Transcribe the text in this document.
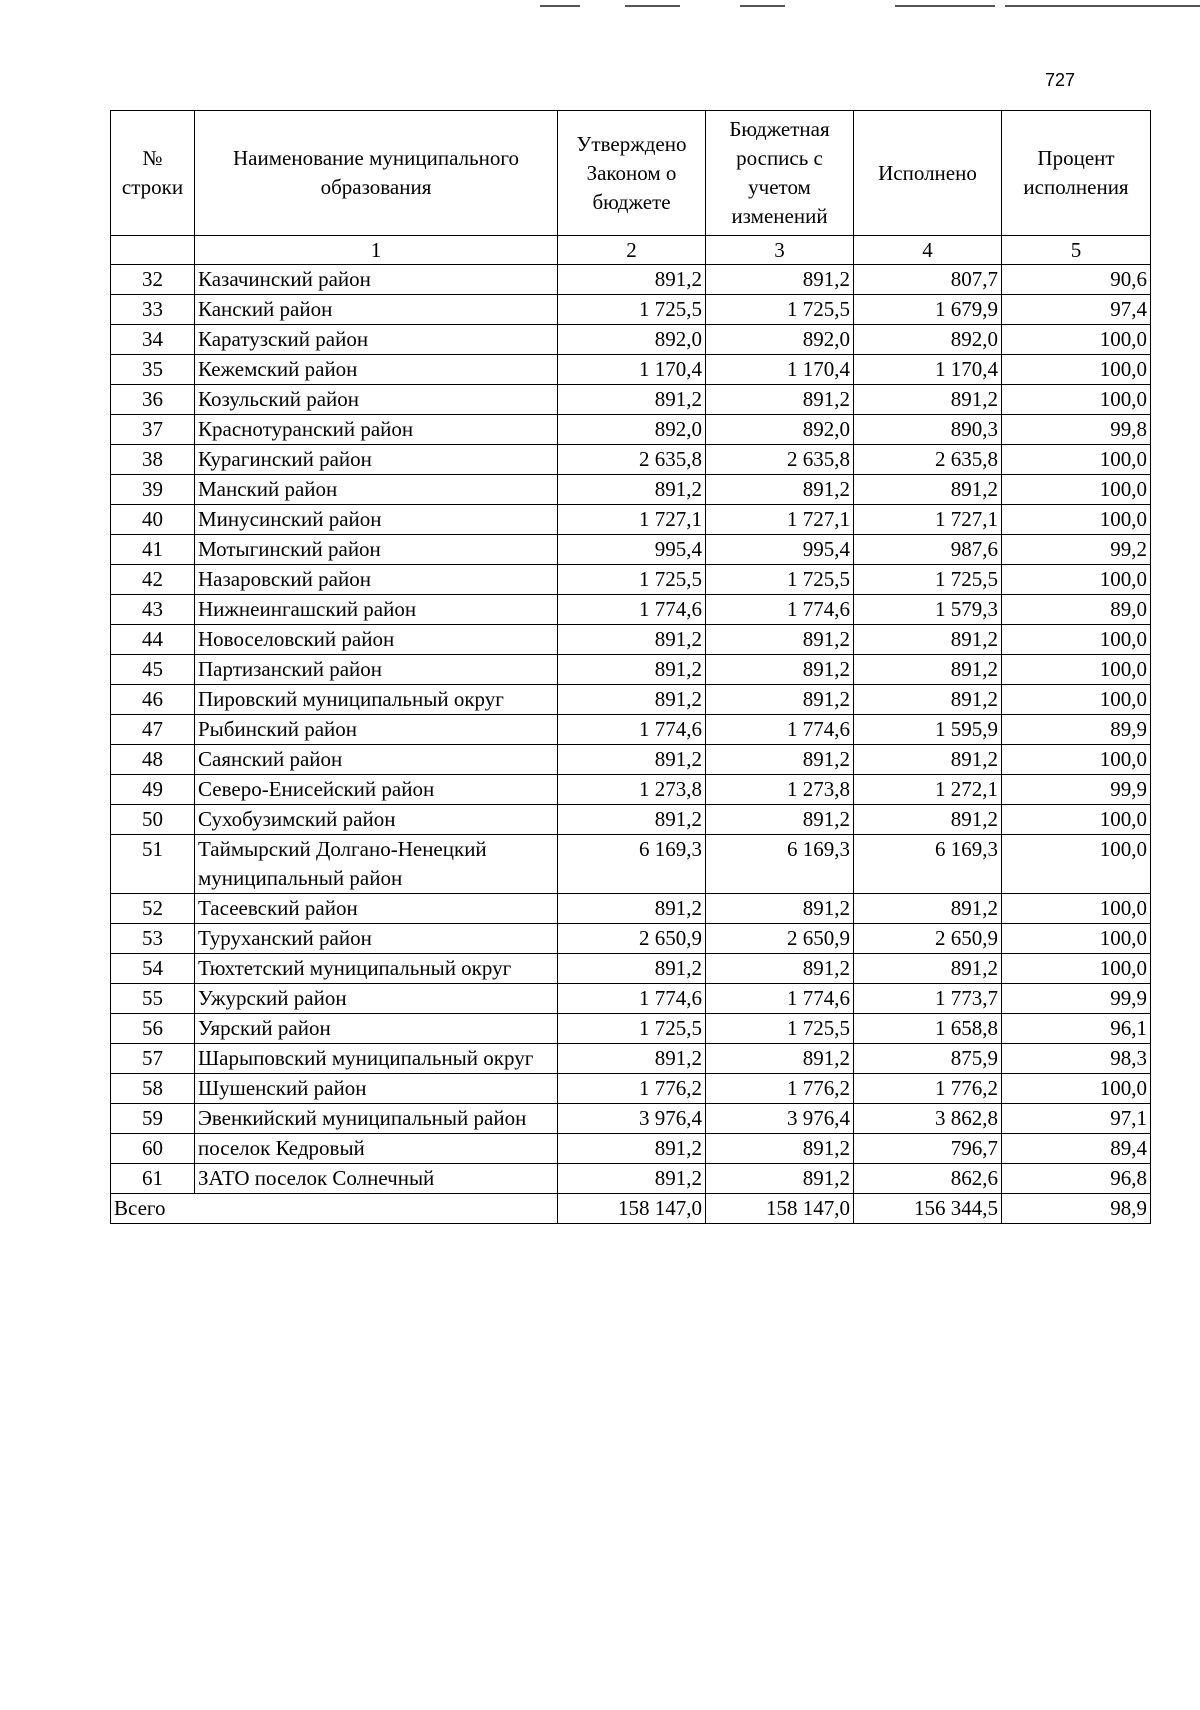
727
№ строки	Наименование муниципального образования	Утверждено Законом о бюджете	Бюджетная роспись с учетом изменений	Исполнено	Процент исполнения
	1	2	3	4	5
32	Казачинский район	891,2	891,2	807,7	90,6
33	Канский район	1 725,5	1 725,5	1 679,9	97,4
34	Каратузский район	892,0	892,0	892,0	100,0
35	Кежемский район	1 170,4	1 170,4	1 170,4	100,0
36	Козульский район	891,2	891,2	891,2	100,0
37	Краснотуранский район	892,0	892,0	890,3	99,8
38	Курагинский район	2 635,8	2 635,8	2 635,8	100,0
39	Манский район	891,2	891,2	891,2	100,0
40	Минусинский район	1 727,1	1 727,1	1 727,1	100,0
41	Мотыгинский район	995,4	995,4	987,6	99,2
42	Назаровский район	1 725,5	1 725,5	1 725,5	100,0
43	Нижнеингашский район	1 774,6	1 774,6	1 579,3	89,0
44	Новоселовский район	891,2	891,2	891,2	100,0
45	Партизанский район	891,2	891,2	891,2	100,0
46	Пировский муниципальный округ	891,2	891,2	891,2	100,0
47	Рыбинский район	1 774,6	1 774,6	1 595,9	89,9
48	Саянский район	891,2	891,2	891,2	100,0
49	Северо-Енисейский район	1 273,8	1 273,8	1 272,1	99,9
50	Сухобузимский район	891,2	891,2	891,2	100,0
51	Таймырский Долгано-Ненецкий муниципальный район	6 169,3	6 169,3	6 169,3	100,0
52	Тасеевский район	891,2	891,2	891,2	100,0
53	Туруханский район	2 650,9	2 650,9	2 650,9	100,0
54	Тюхтетский муниципальный округ	891,2	891,2	891,2	100,0
55	Ужурский район	1 774,6	1 774,6	1 773,7	99,9
56	Уярский район	1 725,5	1 725,5	1 658,8	96,1
57	Шарыповский муниципальный округ	891,2	891,2	875,9	98,3
58	Шушенский район	1 776,2	1 776,2	1 776,2	100,0
59	Эвенкийский муниципальный район	3 976,4	3 976,4	3 862,8	97,1
60	поселок Кедровый	891,2	891,2	796,7	89,4
61	ЗАТО поселок Солнечный	891,2	891,2	862,6	96,8
Всего		158 147,0	158 147,0	156 344,5	98,9
